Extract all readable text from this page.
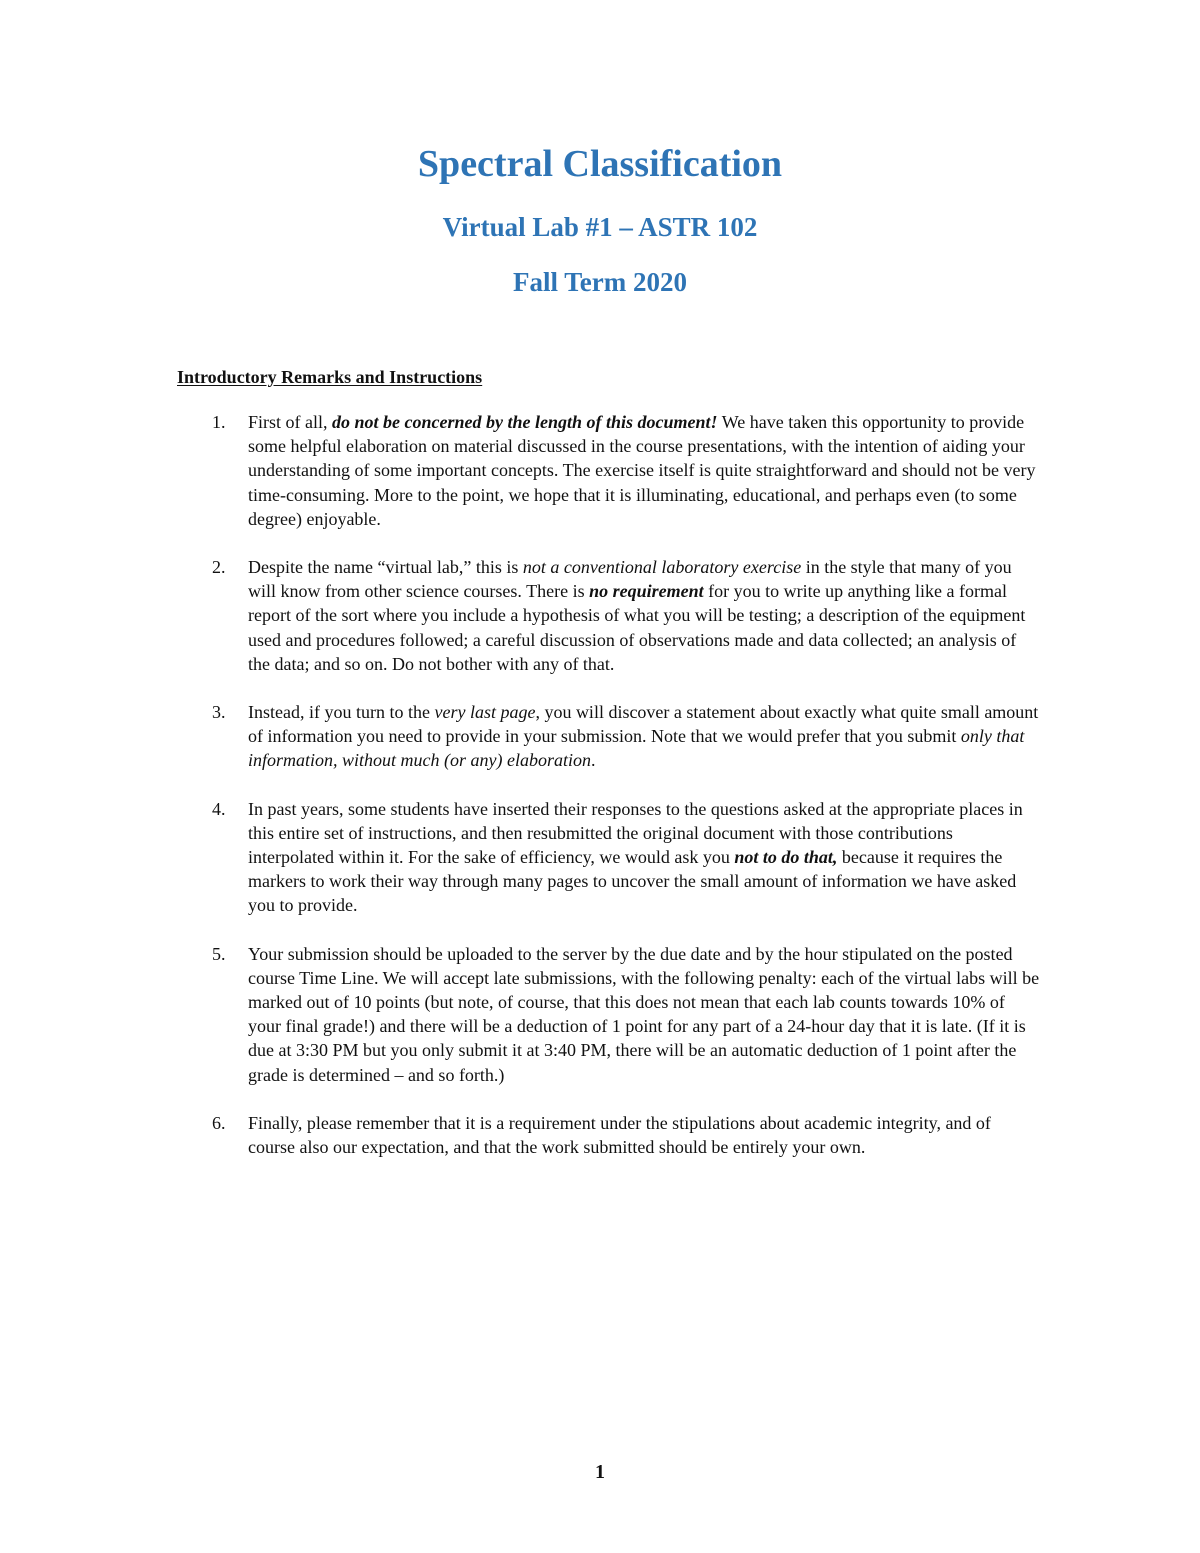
Spectral Classification
Virtual Lab #1 – ASTR 102
Fall Term 2020
Introductory Remarks and Instructions
1. First of all, do not be concerned by the length of this document! We have taken this opportunity to provide some helpful elaboration on material discussed in the course presentations, with the intention of aiding your understanding of some important concepts. The exercise itself is quite straightforward and should not be very time-consuming. More to the point, we hope that it is illuminating, educational, and perhaps even (to some degree) enjoyable.
2. Despite the name “virtual lab,” this is not a conventional laboratory exercise in the style that many of you will know from other science courses. There is no requirement for you to write up anything like a formal report of the sort where you include a hypothesis of what you will be testing; a description of the equipment used and procedures followed; a careful discussion of observations made and data collected; an analysis of the data; and so on. Do not bother with any of that.
3. Instead, if you turn to the very last page, you will discover a statement about exactly what quite small amount of information you need to provide in your submission. Note that we would prefer that you submit only that information, without much (or any) elaboration.
4. In past years, some students have inserted their responses to the questions asked at the appropriate places in this entire set of instructions, and then resubmitted the original document with those contributions interpolated within it. For the sake of efficiency, we would ask you not to do that, because it requires the markers to work their way through many pages to uncover the small amount of information we have asked you to provide.
5. Your submission should be uploaded to the server by the due date and by the hour stipulated on the posted course Time Line. We will accept late submissions, with the following penalty: each of the virtual labs will be marked out of 10 points (but note, of course, that this does not mean that each lab counts towards 10% of your final grade!) and there will be a deduction of 1 point for any part of a 24-hour day that it is late. (If it is due at 3:30 PM but you only submit it at 3:40 PM, there will be an automatic deduction of 1 point after the grade is determined – and so forth.)
6. Finally, please remember that it is a requirement under the stipulations about academic integrity, and of course also our expectation, and that the work submitted should be entirely your own.
1
